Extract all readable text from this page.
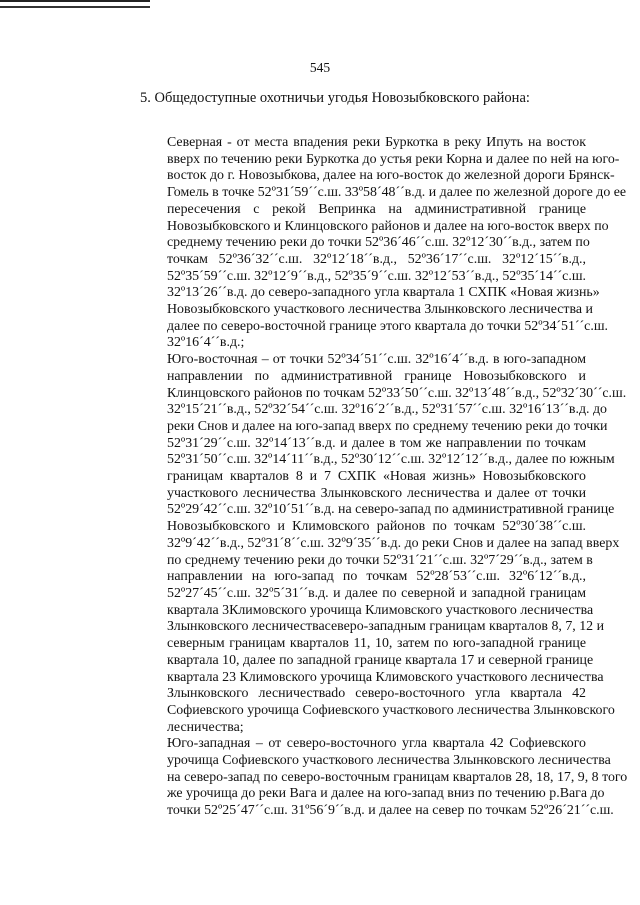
545
5. Общедоступные охотничьи угодья Новозыбковского района:

Северная - от места впадения реки Буркотка в реку Ипуть на восток
вверх по течению реки Буркотка до устья реки Корна и далее по ней на юго-
восток до г. Новозыбкова, далее на юго-восток до железной дороги Брянск-
Гомель в точке 52º31´59´´с.ш. 33º58´48´´в.д. и далее по железной дороге до ее
пересечения с рекой Вепринка на административной границе
Новозыбковского и Клинцовского районов и далее на юго-восток вверх по
среднему течению реки до точки 52º36´46´´с.ш. 32º12´30´´в.д., затем по
точкам 52º36´32´´с.ш. 32º12´18´´в.д., 52º36´17´´с.ш. 32º12´15´´в.д.,
52º35´59´´с.ш. 32º12´9´´в.д., 52º35´9´´с.ш. 32º12´53´´в.д., 52º35´14´´с.ш.
32º13´26´´в.д. до северо-западного угла квартала 1 СХПК «Новая жизнь»
Новозыбковского участкового лесничества Злынковского лесничества и
далее по северо-восточной границе этого квартала до точки 52º34´51´´с.ш.
32º16´4´´в.д.;

Юго-восточная – от точки 52º34´51´´с.ш. 32º16´4´´в.д. в юго-западном
направлении по административной границе Новозыбковского и
Клинцовского районов по точкам 52º33´50´´с.ш. 32º13´48´´в.д., 52º32´30´´с.ш.
32º15´21´´в.д., 52º32´54´´с.ш. 32º16´2´´в.д., 52º31´57´´с.ш. 32º16´13´´в.д. до
реки Снов и далее на юго-запад вверх по среднему течению реки до точки
52º31´29´´с.ш. 32º14´13´´в.д. и далее в том же направлении по точкам
52º31´50´´с.ш. 32º14´11´´в.д., 52º30´12´´с.ш. 32º12´12´´в.д., далее по южным
границам кварталов 8 и 7 СХПК «Новая жизнь» Новозыбковского
участкового лесничества Злынковского лесничества и далее от точки
52º29´42´´с.ш. 32º10´51´´в.д. на северо-запад по административной границе
Новозыбковского и Климовского районов по точкам 52º30´38´´с.ш.
32º9´42´´в.д., 52º31´8´´с.ш. 32º9´35´´в.д. до реки Снов и далее на запад вверх
по среднему течению реки до точки 52º31´21´´с.ш. 32º7´29´´в.д., затем в
направлении на юго-запад по точкам 52º28´53´´с.ш. 32º6´12´´в.д.,
52º27´45´´с.ш. 32º5´31´´в.д. и далее по северной и западной границам
квартала 3Климовского урочища Климовского участкового лесничества
Злынковского лесничествасеверо-западным границам кварталов 8, 7, 12 и
северным границам кварталов 11, 10, затем по юго-западной границе
квартала 10, далее по западной границе квартала 17 и северной границе
квартала 23 Климовского урочища Климовского участкового лесничества
Злынковского лесничестваdo северо-восточного угла квартала 42
Софиевского урочища Софиевского участкового лесничества Злынковского
лесничества;

Юго-западная – от северо-восточного угла квартала 42 Софиевского
урочища Софиевского участкового лесничества Злынковского лесничества
на северо-запад по северо-восточным границам кварталов 28, 18, 17, 9, 8 того
же урочища до реки Вага и далее на юго-запад вниз по течению р.Вага до
точки 52º25´47´´с.ш. 31º56´9´´в.д. и далее на север по точкам 52º26´21´´с.ш.
